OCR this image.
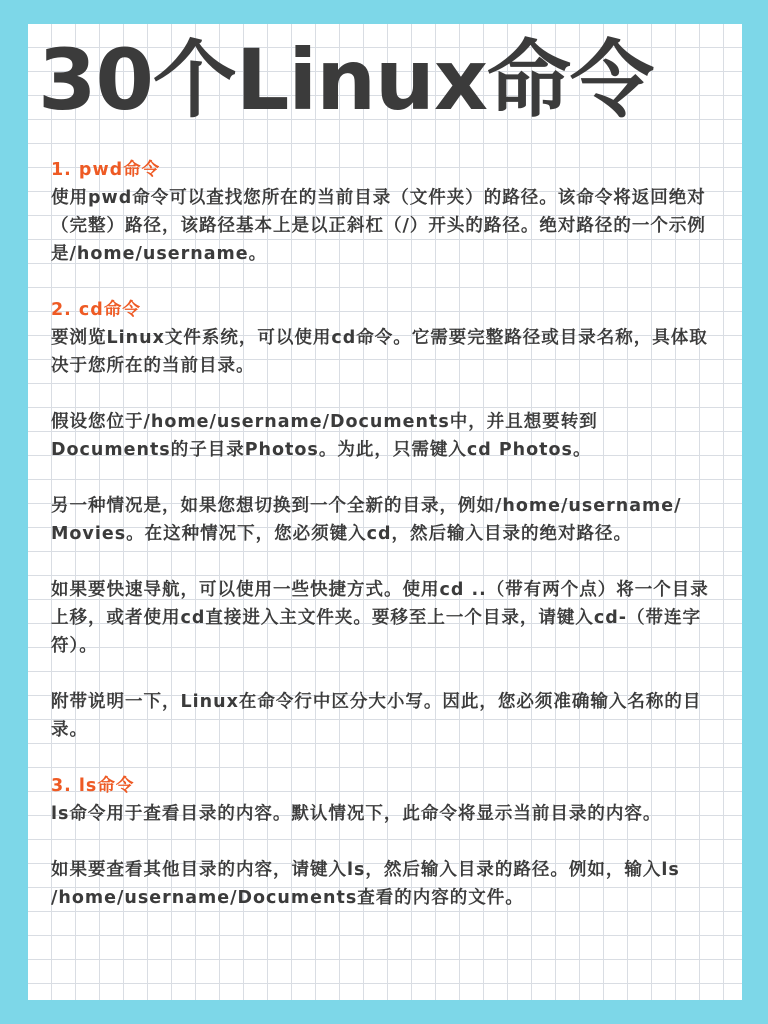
30个Linux命令
1. pwd命令
使用pwd命令可以查找您所在的当前目录（文件夹）的路径。该命令将返回绝对（完整）路径，该路径基本上是以正斜杠（/）开头的路径。绝对路径的一个示例是/home/username。
2. cd命令
要浏览Linux文件系统，可以使用cd命令。它需要完整路径或目录名称，具体取决于您所在的当前目录。
假设您位于/home/username/Documents中，并且想要转到Documents的子目录Photos。为此，只需键入cd Photos。
另一种情况是，如果您想切换到一个全新的目录，例如/home/username/ Movies。在这种情况下，您必须键入cd，然后输入目录的绝对路径。
如果要快速导航，可以使用一些快捷方式。使用cd ..（带有两个点）将一个目录上移，或者使用cd直接进入主文件夹。要移至上一个目录，请键入cd-（带连字符）。
附带说明一下，Linux在命令行中区分大小写。因此，您必须准确输入名称的目录。
3. ls命令
ls命令用于查看目录的内容。默认情况下，此命令将显示当前目录的内容。
如果要查看其他目录的内容，请键入ls，然后输入目录的路径。例如，输入ls /home/username/Documents查看的内容的文件。
